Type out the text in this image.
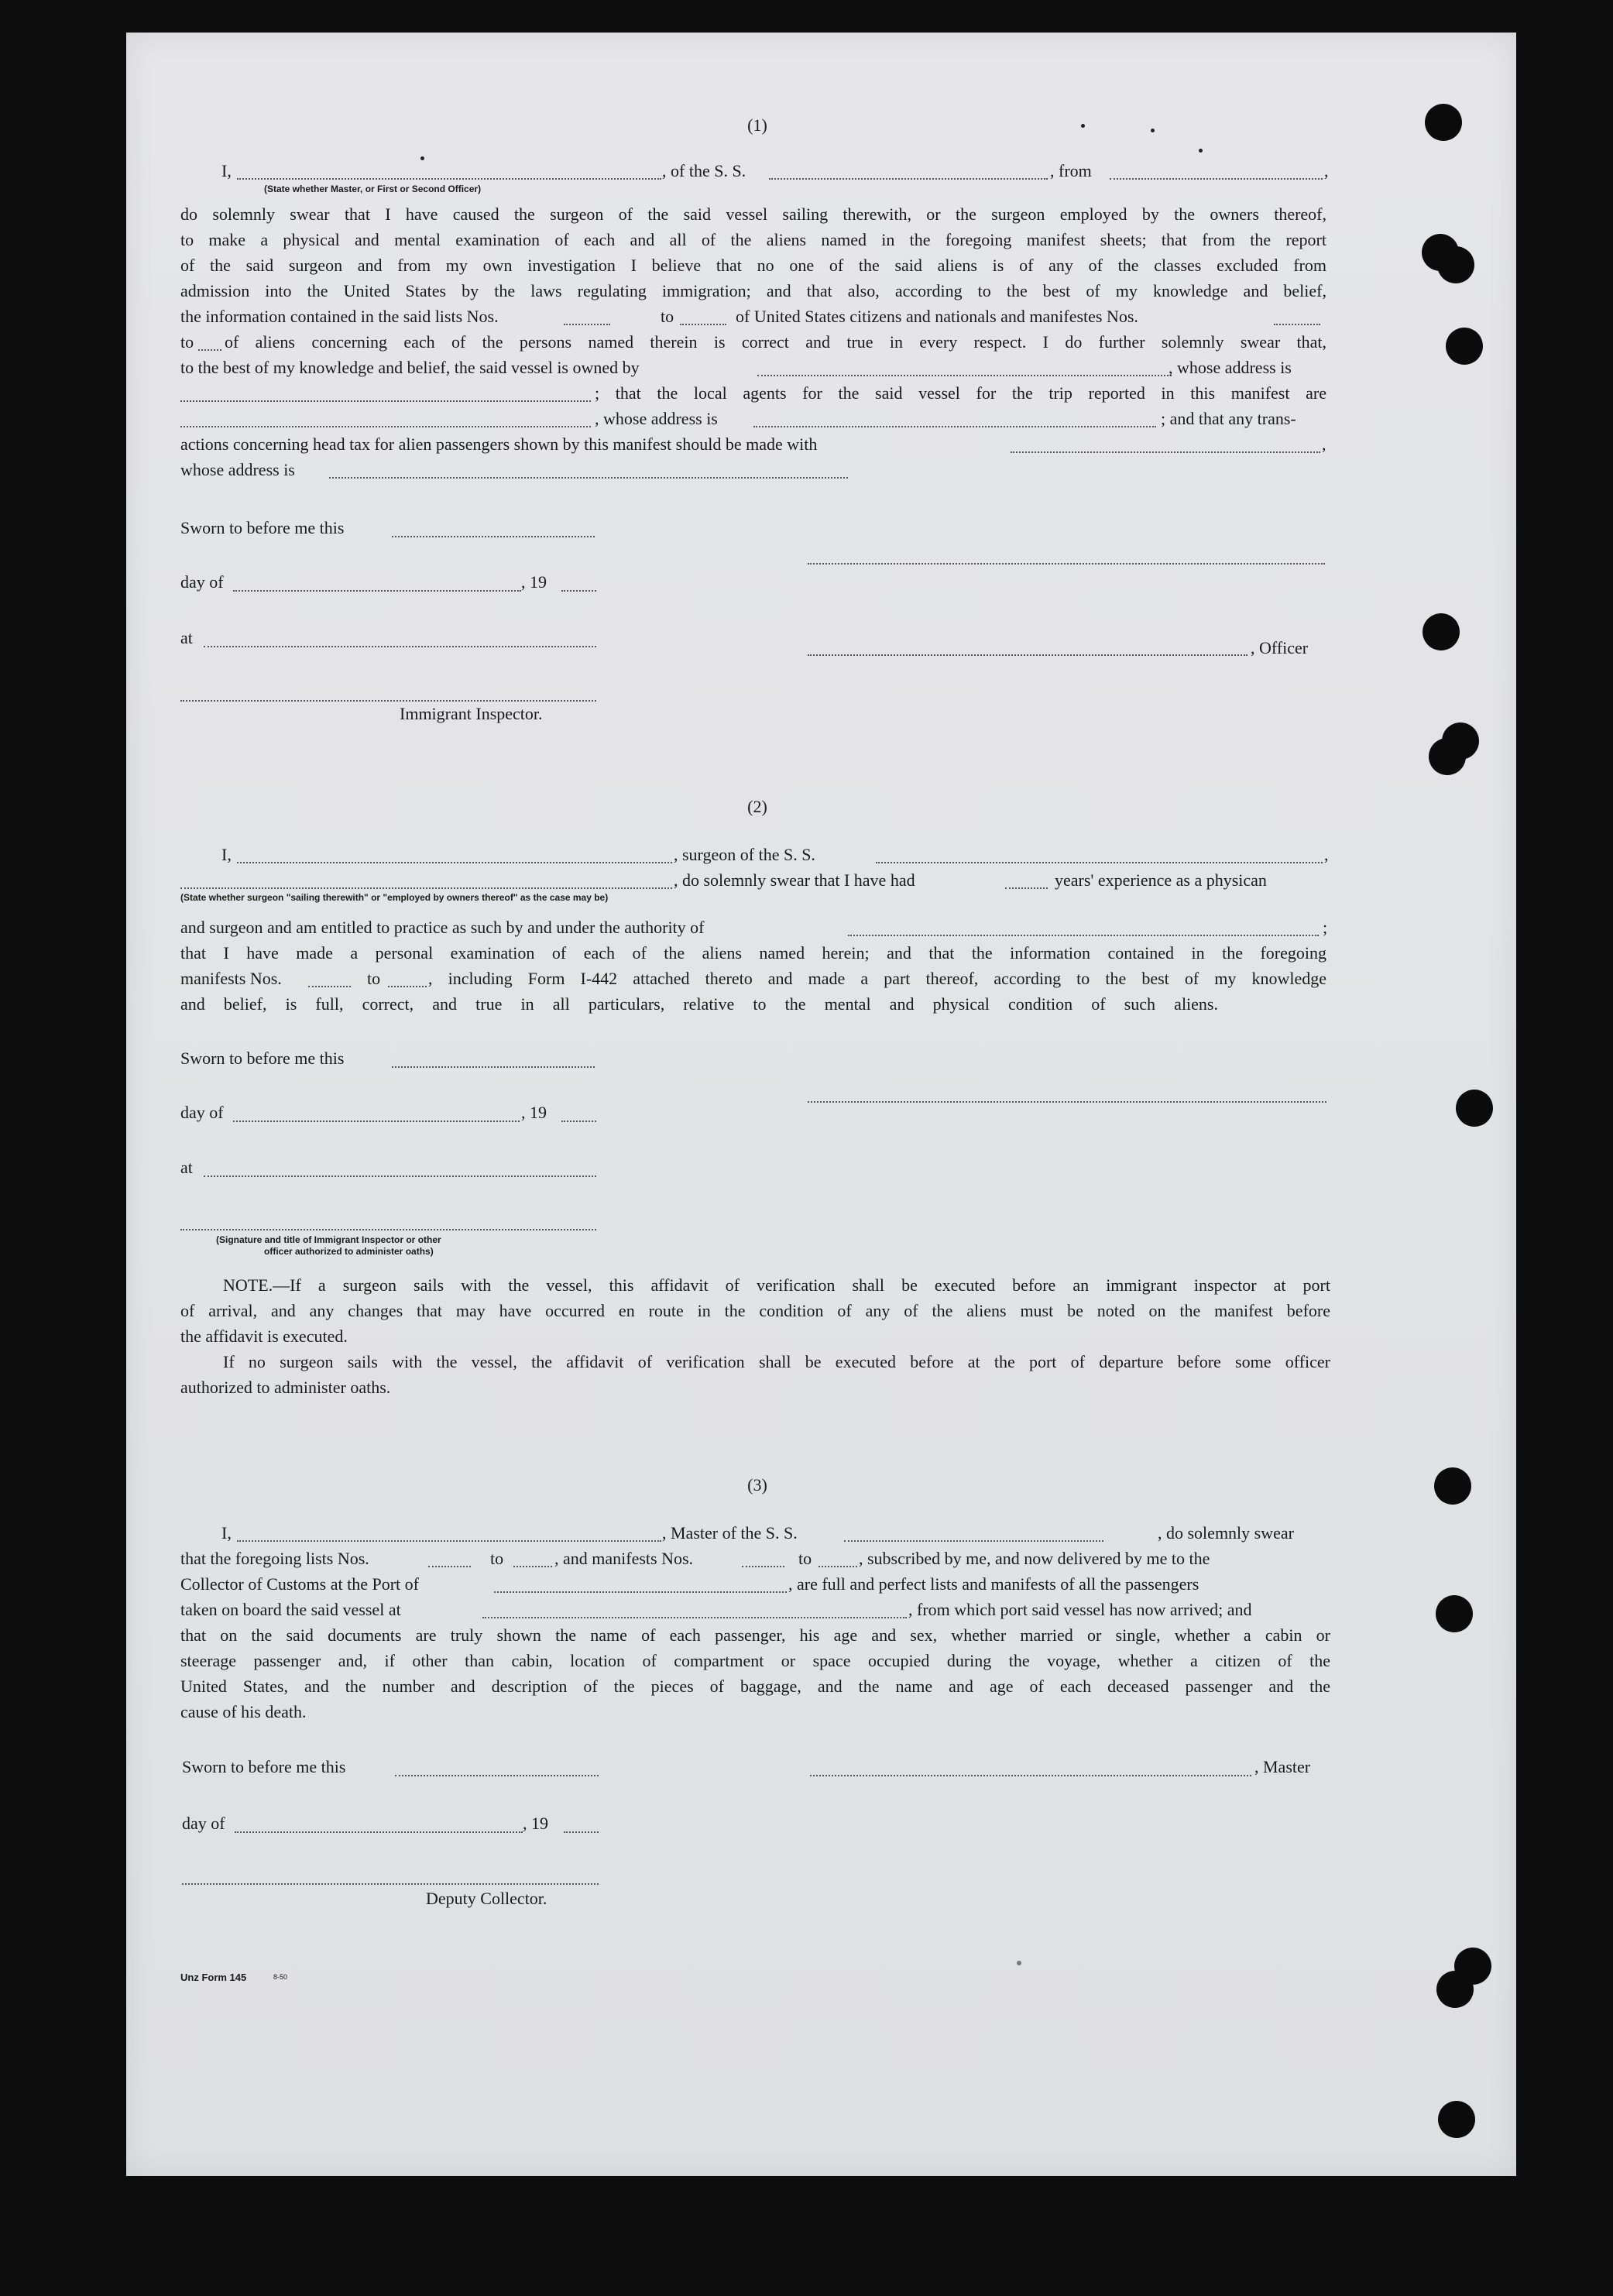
(1)
I,	, of the S. S.	, from	,
(State whether Master, or First or Second Officer)
do solemnly swear that I have caused the surgeon of the said vessel sailing therewith, or the surgeon employed by the owners thereof,
to make a physical and mental examination of each and all of the aliens named in the foregoing manifest sheets; that from the report
of the said surgeon and from my own investigation I believe that no one of the said aliens is of any of the classes excluded from
admission into the United States by the laws regulating immigration; and that also, according to the best of my knowledge and belief,
the information contained in the said lists Nos.	to	of United States citizens and nationals and manifestes Nos.
to of aliens concerning each of the persons named therein is correct and true in every respect. I do further solemnly swear that,
to the best of my knowledge and belief, the said vessel is owned by	, whose address is
; that the local agents for the said vessel for the trip reported in this manifest are
, whose address is	; and that any trans-
actions concerning head tax for alien passengers shown by this manifest should be made with	,
whose address is
Sworn to before me this
day of	, 19
at
, Officer
Immigrant Inspector.
(2)
I,	, surgeon of the S. S.	,
, do solemnly swear that I have had	years' experience as a physican
(State whether surgeon "sailing therewith" or "employed by owners thereof" as the case may be)
and surgeon and am entitled to practice as such by and under the authority of	;
that I have made a personal examination of each of the aliens named herein; and that the information contained in the foregoing
manifests Nos.	to	, including Form I-442 attached thereto and made a part thereof, according to the best of my knowledge
and belief, is full, correct, and true in all particulars, relative to the mental and physical condition of such aliens.
Sworn to before me this
day of	, 19
at
(Signature and title of Immigrant Inspector or other
officer authorized to administer oaths)
NOTE.—If a surgeon sails with the vessel, this affidavit of verification shall be executed before an immigrant inspector at port
of arrival, and any changes that may have occurred en route in the condition of any of the aliens must be noted on the manifest before
the affidavit is executed.
If no surgeon sails with the vessel, the affidavit of verification shall be executed before at the port of departure before some officer
authorized to administer oaths.
(3)
I,	, Master of the S. S.	, do solemnly swear
that the foregoing lists Nos.	to	, and manifests Nos.	to	, subscribed by me, and now delivered by me to the
Collector of Customs at the Port of	, are full and perfect lists and manifests of all the passengers
taken on board the said vessel at	, from which port said vessel has now arrived; and
that on the said documents are truly shown the name of each passenger, his age and sex, whether married or single, whether a cabin or
steerage passenger and, if other than cabin, location of compartment or space occupied during the voyage, whether a citizen of the
United States, and the number and description of the pieces of baggage, and the name and age of each deceased passenger and the
cause of his death.
Sworn to before me this	, Master
day of	, 19
Deputy Collector.
Unz Form 145	8-50
